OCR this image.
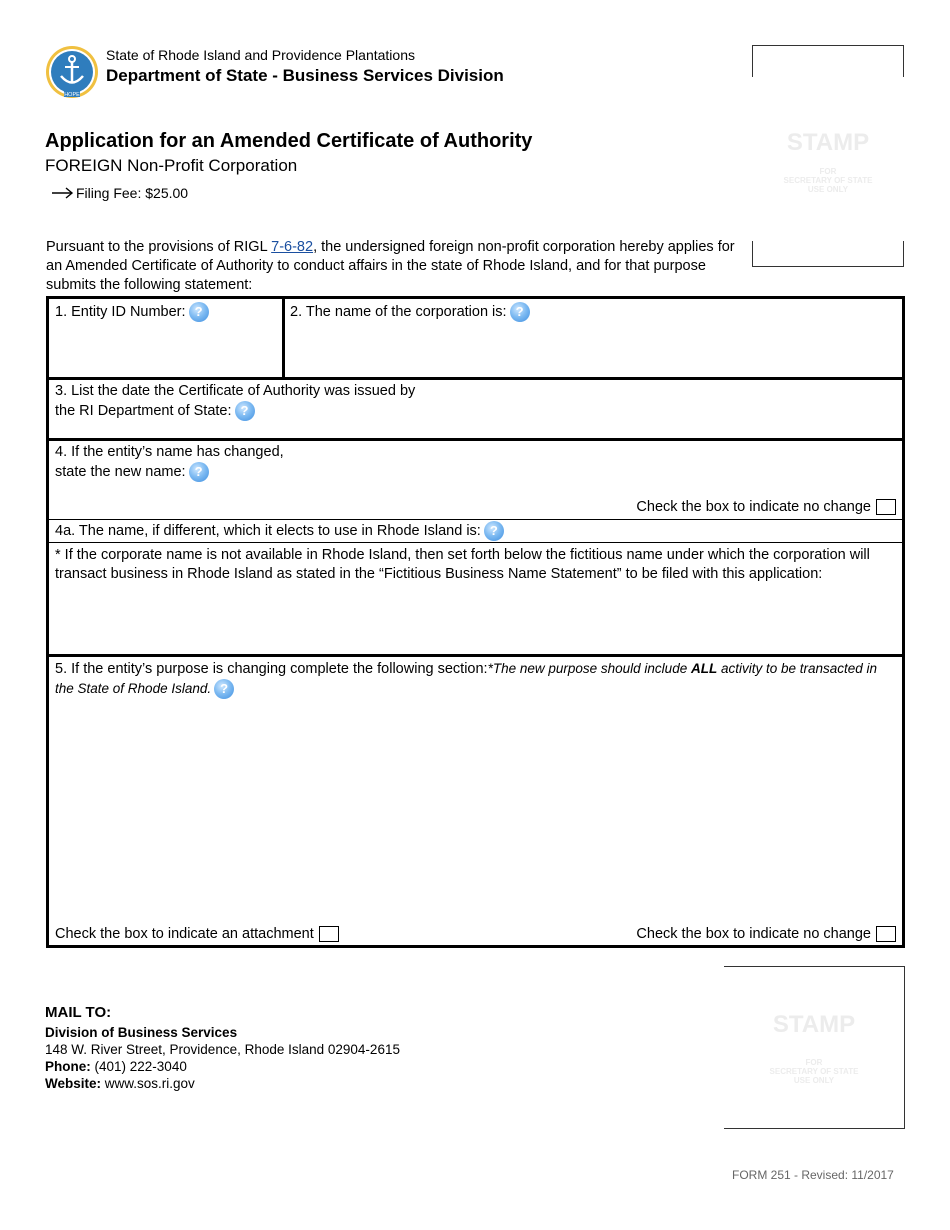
HOPE
State of Rhode Island and Providence Plantations
Department of State - Business Services Division
Application for an Amended Certificate of Authority
FOREIGN Non-Profit Corporation
Filing Fee: $25.00
Pursuant to the provisions of RIGL 7-6-82, the undersigned foreign non-profit corporation hereby applies for an Amended Certificate of Authority to conduct affairs in the state of Rhode Island, and for that purpose submits the following statement:
STAMP
FOR
SECRETARY OF STATE
USE ONLY
1. Entity ID Number: ?	2. The name of the corporation is: ?
3. List the date the Certificate of Authority was issued by
the RI Department of State: ?
4. If the entity’s name has changed,
state the new name: ?
Check the box to indicate no change
4a. The name, if different, which it elects to use in Rhode Island is: ?
* If the corporate name is not available in Rhode Island, then set forth below the fictitious name under which the corporation will transact business in Rhode Island as stated in the “Fictitious Business Name Statement” to be filed with this application:
5. If the entity’s purpose is changing complete the following section:*The new purpose should include ALL activity to be transacted in the State of Rhode Island. ?
Check the box to indicate an attachment	Check the box to indicate no change
MAIL TO:
Division of Business Services
148 W. River Street, Providence, Rhode Island 02904-2615
Phone: (401) 222-3040
Website: www.sos.ri.gov
STAMP
FOR
SECRETARY OF STATE
USE ONLY
FORM 251 - Revised: 11/2017
